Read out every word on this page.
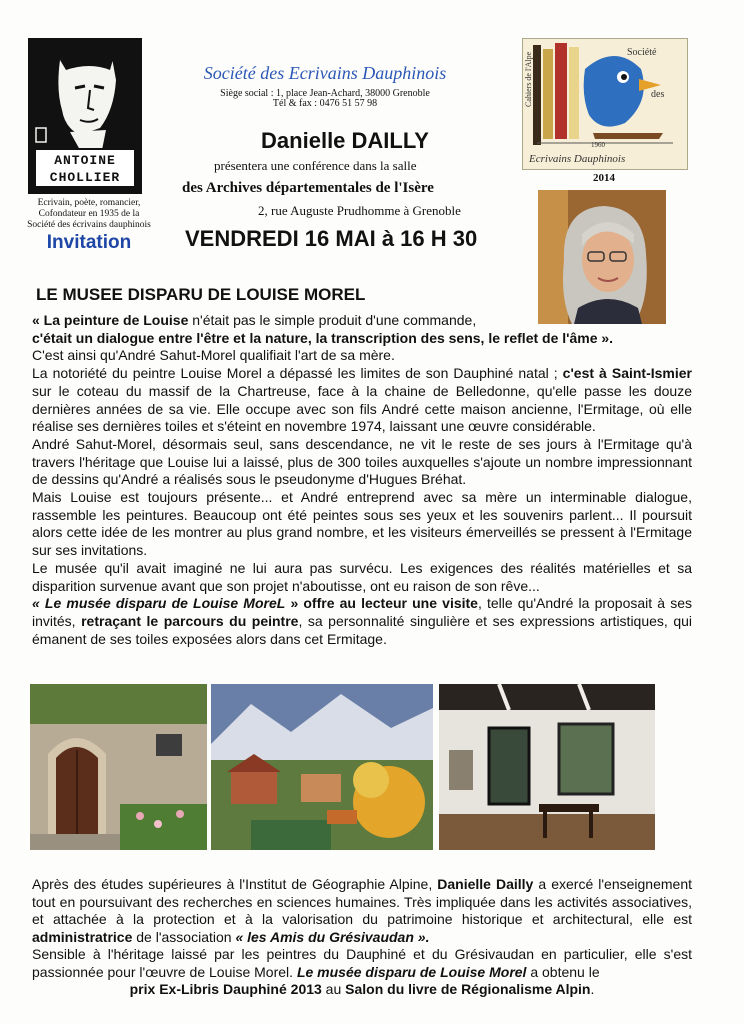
ANTOINE CHOLLIER
Ecrivain, poète, romancier,
Cofondateur en 1935 de la
Société des écrivains dauphinois
Invitation
Société des Ecrivains Dauphinois
Siège social : 1, place Jean-Achard, 38000 Grenoble
Tél & fax : 0476 51 57 98
Danielle DAILLY
présentera une conférence dans la salle
des Archives départementales de l'Isère
2, rue Auguste Prudhomme à Grenoble
VENDREDI 16 MAI à 16 H 30
Société
des
Ecrivains Dauphinois
1960
Cahiers de l'Alpe
2014
LE MUSEE DISPARU DE LOUISE MOREL

« La peinture de Louise n'était pas le simple produit d'une commande,

c'était un dialogue entre l'être et la nature, la transcription des sens, le reflet de l'âme ».

C'est ainsi qu'André Sahut-Morel qualifiait l'art de sa mère.

La notoriété du peintre Louise Morel a dépassé les limites de son Dauphiné natal ; c'est à Saint-Ismier sur le coteau du massif de la Chartreuse, face à la chaine de Belledonne, qu'elle passe les douze dernières années de sa vie. Elle occupe avec son fils André cette maison ancienne, l'Ermitage, où elle réalise ses dernières toiles et s'éteint en novembre 1974, laissant une œuvre considérable.

André Sahut-Morel, désormais seul, sans descendance, ne vit le reste de ses jours à l'Ermitage qu'à travers l'héritage que Louise lui a laissé, plus de 300 toiles auxquelles s'ajoute un nombre impressionnant de dessins qu'André a réalisés sous le pseudonyme d'Hugues Bréhat.

Mais Louise est toujours présente... et André entreprend avec sa mère un interminable dialogue, rassemble les peintures. Beaucoup ont été peintes sous ses yeux et les souvenirs parlent... Il poursuit alors cette idée de les montrer au plus grand nombre, et les visiteurs émerveillés se pressent à l'Ermitage sur ses invitations.

Le musée qu'il avait imaginé ne lui aura pas survécu. Les exigences des réalités matérielles et sa disparition survenue avant que son projet n'aboutisse, ont eu raison de son rêve...

« Le musée disparu de Louise MoreL » offre au lecteur une visite, telle qu'André la proposait à ses invités, retraçant le parcours du peintre, sa personnalité singulière et ses expressions artistiques, qui émanent de ses toiles exposées alors dans cet Ermitage.

Après des études supérieures à l'Institut de Géographie Alpine, Danielle Dailly a exercé l'enseignement tout en poursuivant des recherches en sciences humaines. Très impliquée dans les activités associatives, et attachée à la protection et à la valorisation du patrimoine historique et architectural, elle est administratrice de l'association « les Amis du Grésivaudan ».

Sensible à l'héritage laissé par les peintres du Dauphiné et du Grésivaudan en particulier, elle s'est passionnée pour l'œuvre de Louise Morel. Le musée disparu de Louise Morel a obtenu le

prix Ex-Libris Dauphiné 2013 au Salon du livre de Régionalisme Alpin.
